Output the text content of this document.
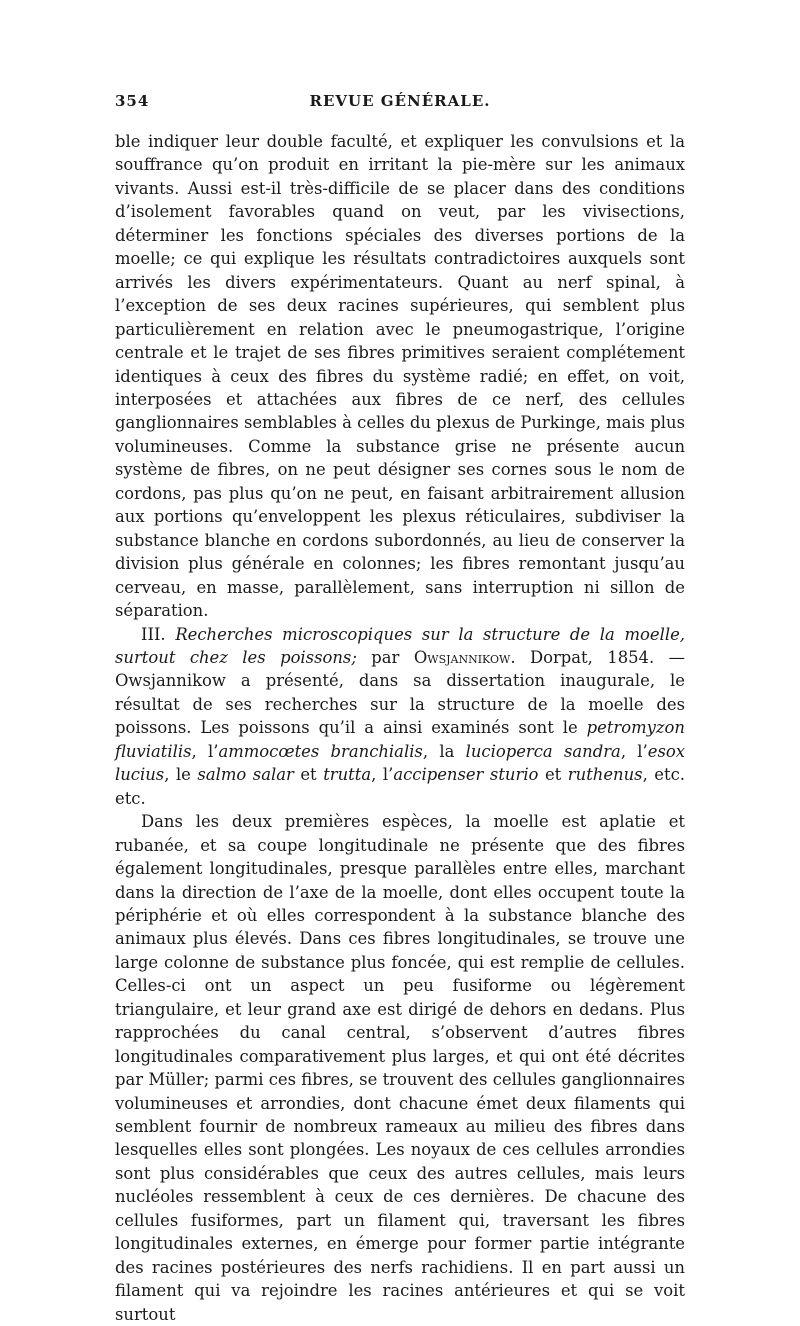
354	REVUE GÉNÉRALE.

ble indiquer leur double faculté, et expliquer les convulsions et la souffrance qu’on produit en irritant la pie-mère sur les animaux vivants. Aussi est-il très-difficile de se placer dans des conditions d’isolement favorables quand on veut, par les vivisections, déterminer les fonctions spéciales des diverses portions de la moelle; ce qui explique les résultats contradictoires auxquels sont arrivés les divers expérimentateurs. Quant au nerf spinal, à l’exception de ses deux racines supérieures, qui semblent plus particulièrement en relation avec le pneumogastrique, l’origine centrale et le trajet de ses fibres primitives seraient complétement identiques à ceux des fibres du système radié; en effet, on voit, interposées et attachées aux fibres de ce nerf, des cellules ganglionnaires semblables à celles du plexus de Purkinge, mais plus volumineuses. Comme la substance grise ne présente aucun système de fibres, on ne peut désigner ses cornes sous le nom de cordons, pas plus qu’on ne peut, en faisant arbitrairement allusion aux portions qu’enveloppent les plexus réticulaires, subdiviser la substance blanche en cordons subordonnés, au lieu de conserver la division plus générale en colonnes; les fibres remontant jusqu’au cerveau, en masse, parallèlement, sans interruption ni sillon de séparation.

III. Recherches microscopiques sur la structure de la moelle, surtout chez les poissons; par Owsjannikow. Dorpat, 1854. — Owsjannikow a présenté, dans sa dissertation inaugurale, le résultat de ses recherches sur la structure de la moelle des poissons. Les poissons qu’il a ainsi examinés sont le petromyzon fluviatilis, l’ammocœtes branchialis, la lucioperca sandra, l’esox lucius, le salmo salar et trutta, l’accipenser sturio et ruthenus, etc. etc.

Dans les deux premières espèces, la moelle est aplatie et rubanée, et sa coupe longitudinale ne présente que des fibres également longitudinales, presque parallèles entre elles, marchant dans la direction de l’axe de la moelle, dont elles occupent toute la périphérie et où elles correspondent à la substance blanche des animaux plus élevés. Dans ces fibres longitudinales, se trouve une large colonne de substance plus foncée, qui est remplie de cellules. Celles-ci ont un aspect un peu fusiforme ou légèrement triangulaire, et leur grand axe est dirigé de dehors en dedans. Plus rapprochées du canal central, s’observent d’autres fibres longitudinales comparativement plus larges, et qui ont été décrites par Müller; parmi ces fibres, se trouvent des cellules ganglionnaires volumineuses et arrondies, dont chacune émet deux filaments qui semblent fournir de nombreux rameaux au milieu des fibres dans lesquelles elles sont plongées. Les noyaux de ces cellules arrondies sont plus considérables que ceux des autres cellules, mais leurs nucléoles ressemblent à ceux de ces dernières. De chacune des cellules fusiformes, part un filament qui, traversant les fibres longitudinales externes, en émerge pour former partie intégrante des racines postérieures des nerfs rachidiens. Il en part aussi un filament qui va rejoindre les racines antérieures et qui se voit surtout
